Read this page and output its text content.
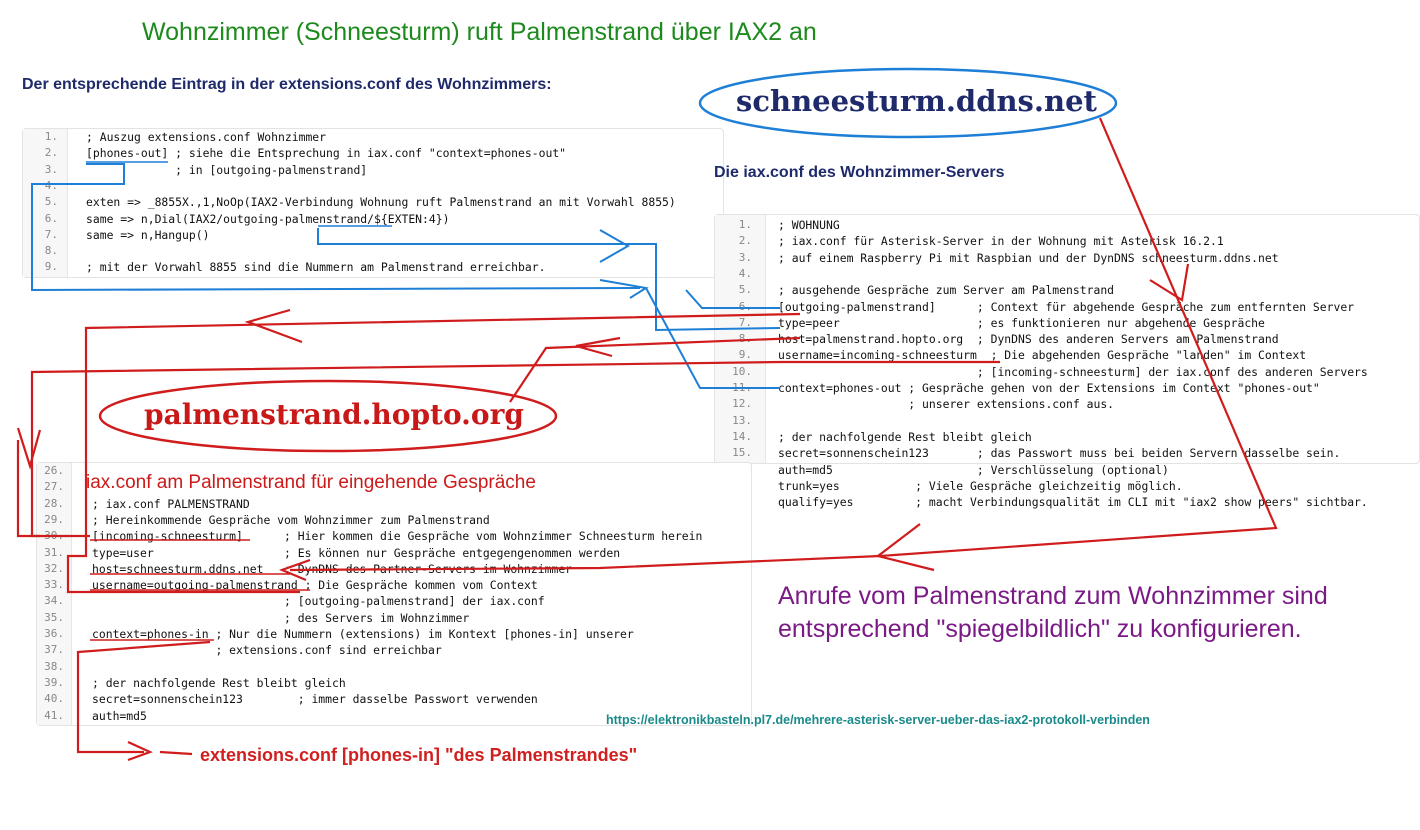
Wohnzimmer (Schneesturm) ruft Palmenstrand über IAX2 an
Der entsprechende Eintrag in der extensions.conf des Wohnzimmers:
1. ; Auszug extensions.conf Wohnzimmer
2. [phones-out] ; siehe die Entsprechung in iax.conf "context=phones-out"
3. ; in [outgoing-palmenstrand]
4.
5. exten => _8855X.,1,NoOp(IAX2-Verbindung Wohnung ruft Palmenstrand an mit Vorwahl 8855)
6. same => n,Dial(IAX2/outgoing-palmenstrand/${EXTEN:4})
7. same => n,Hangup()
8.
9. ; mit der Vorwahl 8855 sind die Nummern am Palmenstrand erreichbar.
Die iax.conf des Wohnzimmer-Servers
1. ; WOHNUNG
2. ; iax.conf für Asterisk-Server in der Wohnung mit Asterisk 16.2.1
3. ; auf einem Raspberry Pi mit Raspbian und der DynDNS schneesturm.ddns.net
4.
5. ; ausgehende Gespräche zum Server am Palmenstrand
6. [outgoing-palmenstrand]      ; Context für abgehende Gespräche zum entfernten Server
7. type=peer                    ; es funktionieren nur abgehende Gespräche
8. host=palmenstrand.hopto.org  ; DynDNS des anderen Servers am Palmenstrand
9. username=incoming-schneesturm  ; Die abgehenden Gespräche "landen" im Context
10. ; [incoming-schneesturm] der iax.conf des anderen Servers
11. context=phones-out ; Gespräche gehen von der Extensions im Context "phones-out"
12. ; unserer extensions.conf aus.
13.
14. ; der nachfolgende Rest bleibt gleich
15. secret=sonnenschein123       ; das Passwort muss bei beiden Servern dasselbe sein.
auth=md5                     ; Verschlüsselung (optional)
trunk=yes           ; Viele Gespräche gleichzeitig möglich.
qualify=yes         ; macht Verbindungsqualität im CLI mit "iax2 show peers" sichtbar.
iax.conf am Palmenstrand für eingehende Gespräche
26.
27.
28. ; iax.conf PALMENSTRAND
29. ; Hereinkommende Gespräche vom Wohnzimmer zum Palmenstrand
30. [incoming-schneesturm]      ; Hier kommen die Gespräche vom Wohnzimmer Schneesturm herein
31. type=user                   ; Es können nur Gespräche entgegengenommen werden
32. host=schneesturm.ddns.net   ; DynDNS des Partner-Servers im Wohnzimmer
33. username=outgoing-palmenstrand ; Die Gespräche kommen vom Context
34. ; [outgoing-palmenstrand] der iax.conf
35. ; des Servers im Wohnzimmer
36. context=phones-in ; Nur die Nummern (extensions) im Kontext [phones-in] unserer
37. ; extensions.conf sind erreichbar
38.
39. ; der nachfolgende Rest bleibt gleich
40. secret=sonnenschein123        ; immer dasselbe Passwort verwenden
41. auth=md5
schneesturm.ddns.net
palmenstrand.hopto.org
Anrufe vom Palmenstrand zum Wohnzimmer sind entsprechend "spiegelbildlich" zu konfigurieren.
https://elektronikbasteln.pl7.de/mehrere-asterisk-server-ueber-das-iax2-protokoll-verbinden
extensions.conf [phones-in] "des Palmenstrandes"
